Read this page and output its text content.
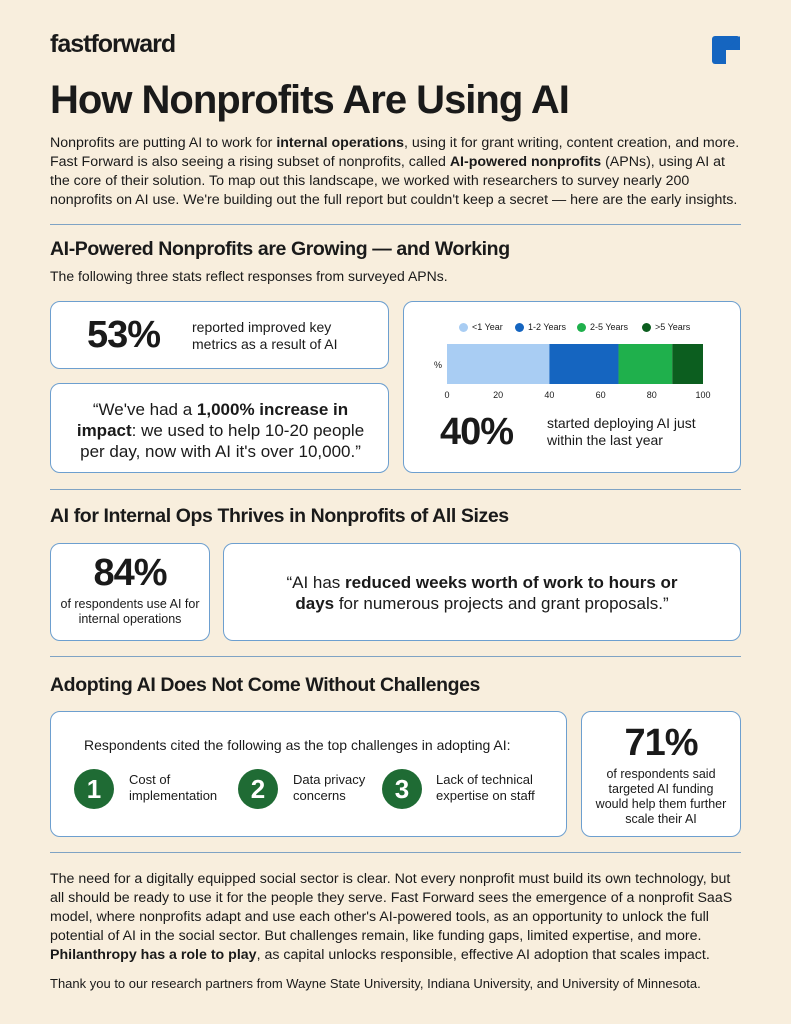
fastforward
How Nonprofits Are Using AI

Nonprofits are putting AI to work for internal operations, using it for grant writing, content creation, and more. Fast Forward is also seeing a rising subset of nonprofits, called AI-powered nonprofits (APNs), using AI at the core of their solution. To map out this landscape, we worked with researchers to survey nearly 200 nonprofits on AI use. We're building out the full report but couldn't keep a secret — here are the early insights.

AI-Powered Nonprofits are Growing — and Working

The following three stats reflect responses from surveyed APNs.

53% reported improved key metrics as a result of AI
“We've had a 1,000% increase in impact: we used to help 10-20 people per day, now with AI it's over 10,000.”
<1 Year	1-2 Years	2-5 Years	>5 Years
%
0	20	40	60	80	100
40% started deploying AI just within the last year
AI for Internal Ops Thrives in Nonprofits of All Sizes
84%
of respondents use AI for internal operations
“AI has reduced weeks worth of work to hours or days for numerous projects and grant proposals.”
Adopting AI Does Not Come Without Challenges
Respondents cited the following as the top challenges in adopting AI:
1	Cost of implementation	2	Data privacy concerns	3	Lack of technical expertise on staff
71%
of respondents said targeted AI funding would help them further scale their AI

The need for a digitally equipped social sector is clear. Not every nonprofit must build its own technology, but all should be ready to use it for the people they serve. Fast Forward sees the emergence of a nonprofit SaaS model, where nonprofits adapt and use each other's AI-powered tools, as an opportunity to unlock the full potential of AI in the social sector. But challenges remain, like funding gaps, limited expertise, and more. Philanthropy has a role to play, as capital unlocks responsible, effective AI adoption that scales impact.

Thank you to our research partners from Wayne State University, Indiana University, and University of Minnesota.
